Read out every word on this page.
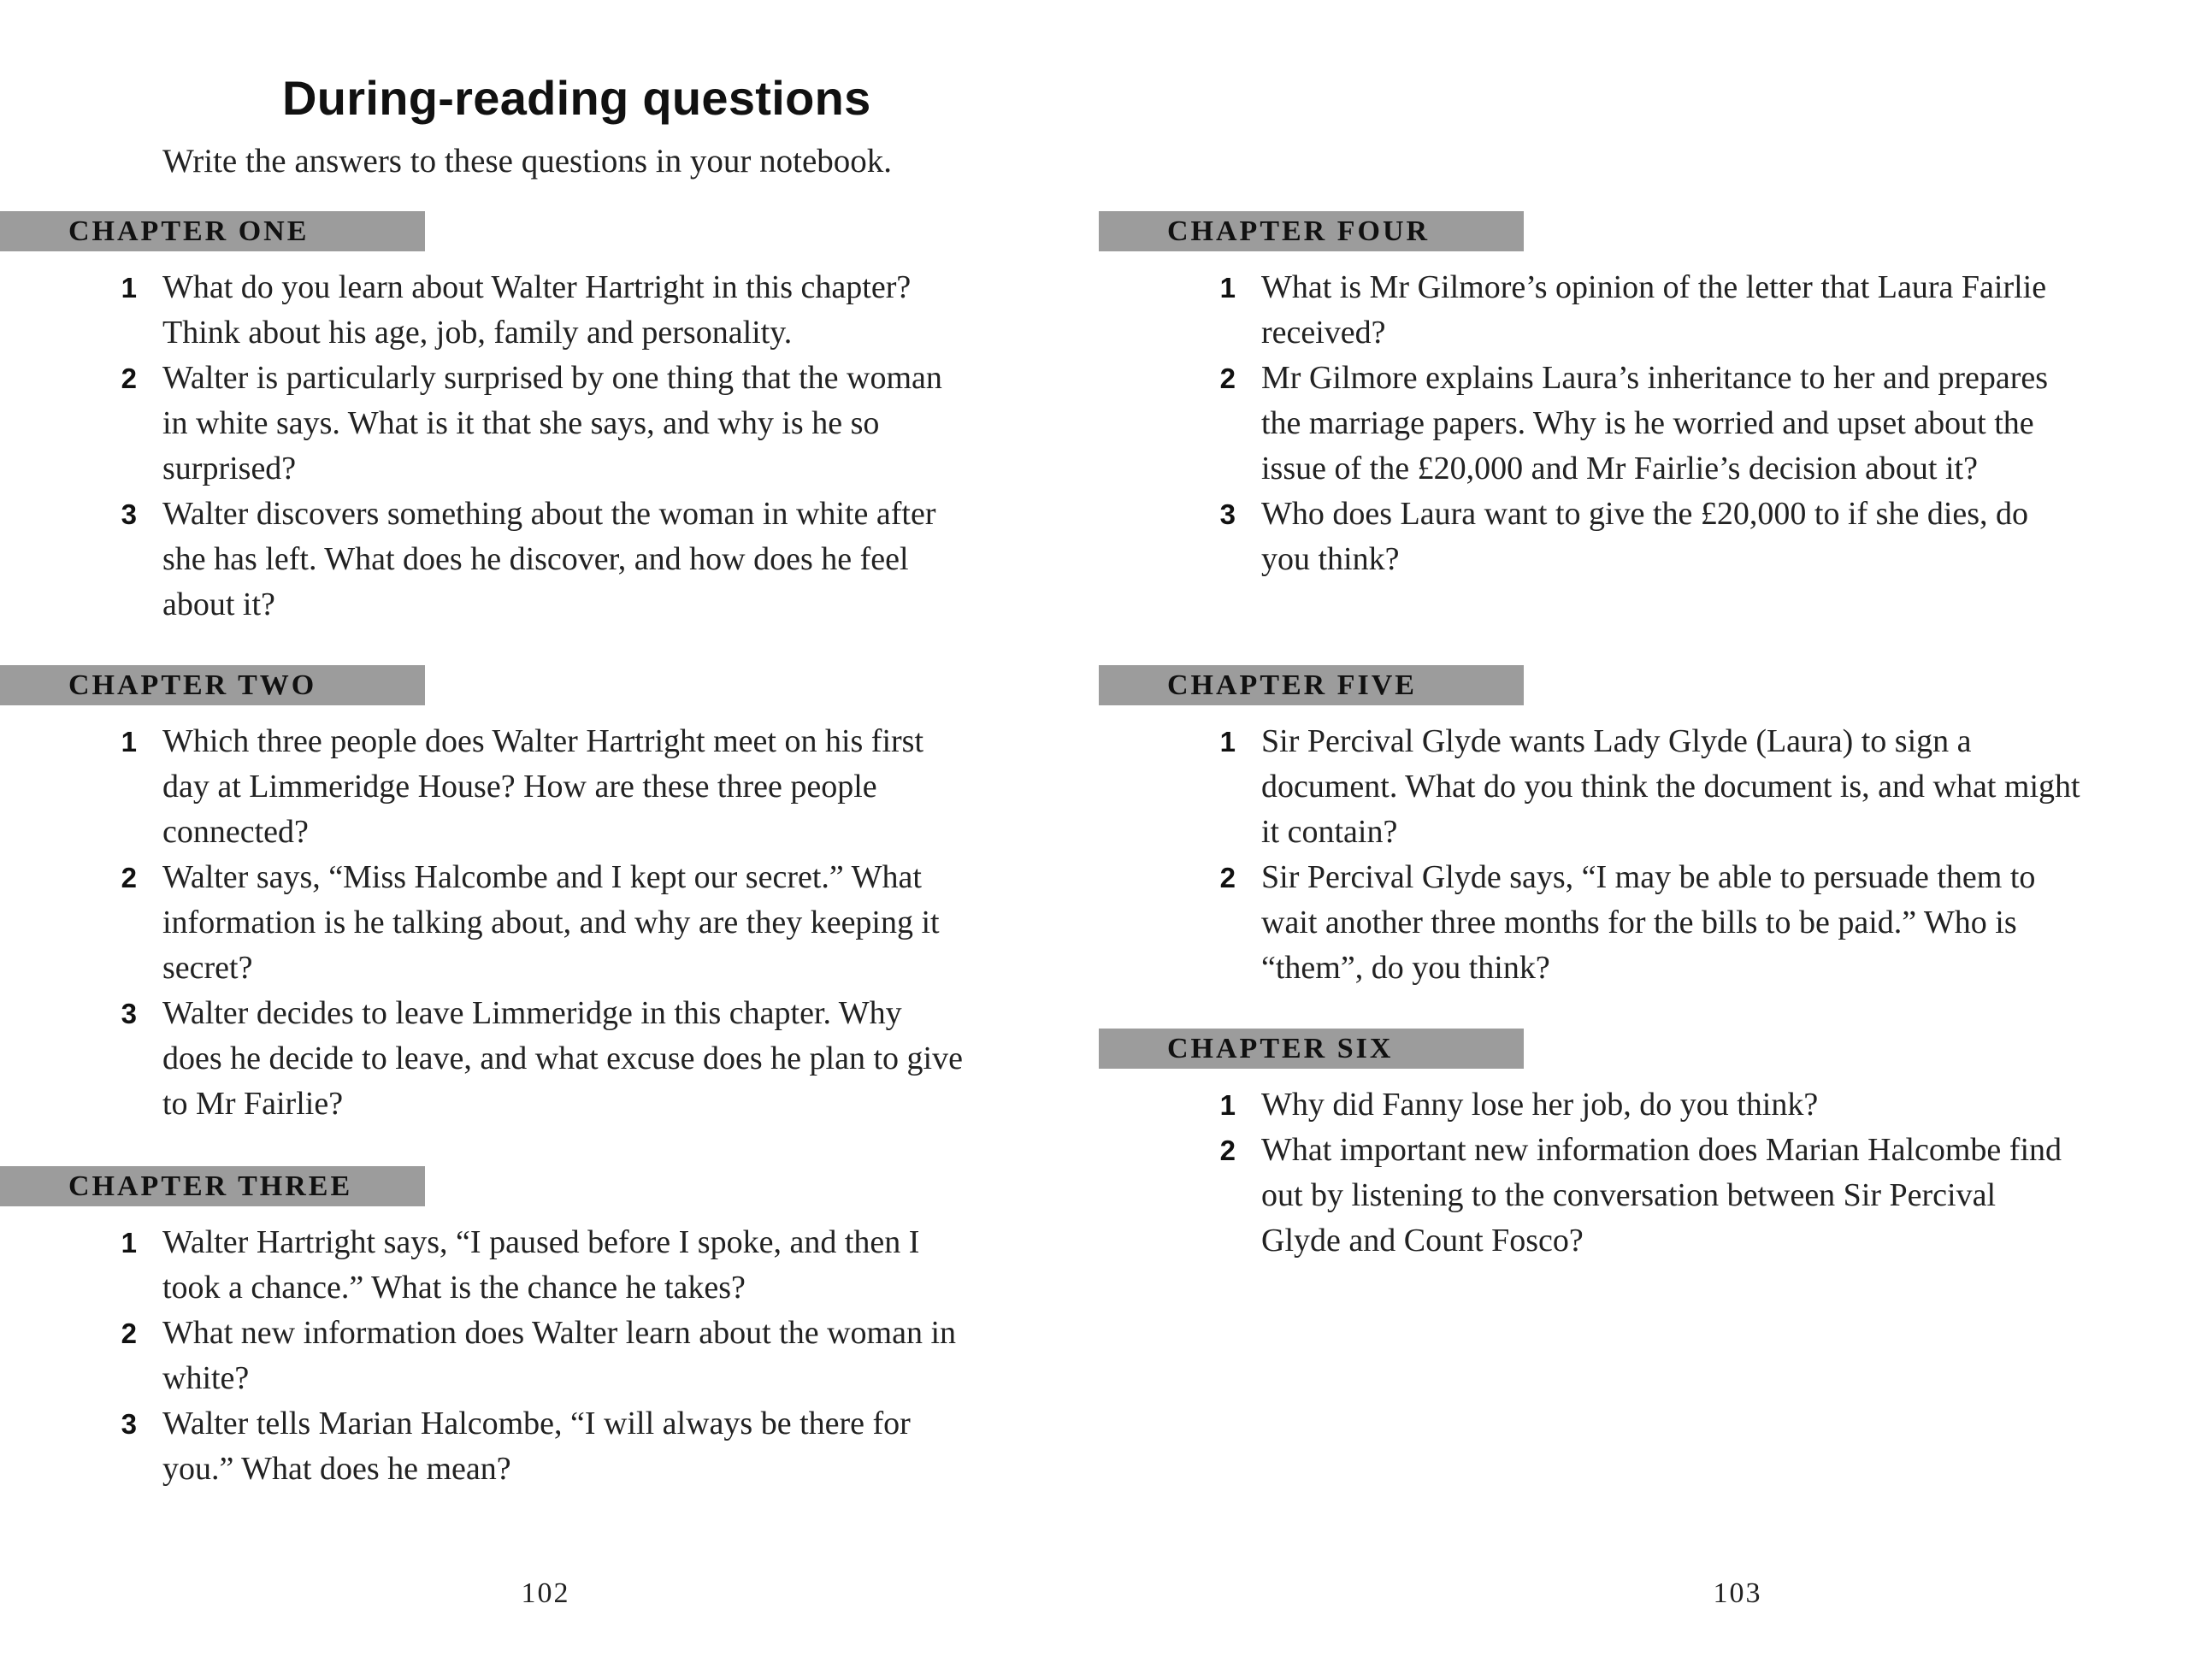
During-reading questions

Write the answers to these questions in your notebook.

CHAPTER ONE
1 What do you learn about Walter Hartright in this chapter? Think about his age, job, family and personality.
2 Walter is particularly surprised by one thing that the woman in white says. What is it that she says, and why is he so surprised?
3 Walter discovers something about the woman in white after she has left. What does he discover, and how does he feel about it?
CHAPTER TWO
1 Which three people does Walter Hartright meet on his first day at Limmeridge House? How are these three people connected?
2 Walter says, “Miss Halcombe and I kept our secret.” What information is he talking about, and why are they keeping it secret?
3 Walter decides to leave Limmeridge in this chapter. Why does he decide to leave, and what excuse does he plan to give to Mr Fairlie?
CHAPTER THREE
1 Walter Hartright says, “I paused before I spoke, and then I took a chance.” What is the chance he takes?
2 What new information does Walter learn about the woman in white?
3 Walter tells Marian Halcombe, “I will always be there for you.” What does he mean?
102
CHAPTER FOUR
1 What is Mr Gilmore’s opinion of the letter that Laura Fairlie received?
2 Mr Gilmore explains Laura’s inheritance to her and prepares the marriage papers. Why is he worried and upset about the issue of the £20,000 and Mr Fairlie’s decision about it?
3 Who does Laura want to give the £20,000 to if she dies, do you think?
CHAPTER FIVE
1 Sir Percival Glyde wants Lady Glyde (Laura) to sign a document. What do you think the document is, and what might it contain?
2 Sir Percival Glyde says, “I may be able to persuade them to wait another three months for the bills to be paid.” Who is “them”, do you think?
CHAPTER SIX
1 Why did Fanny lose her job, do you think?
2 What important new information does Marian Halcombe find out by listening to the conversation between Sir Percival Glyde and Count Fosco?
103
